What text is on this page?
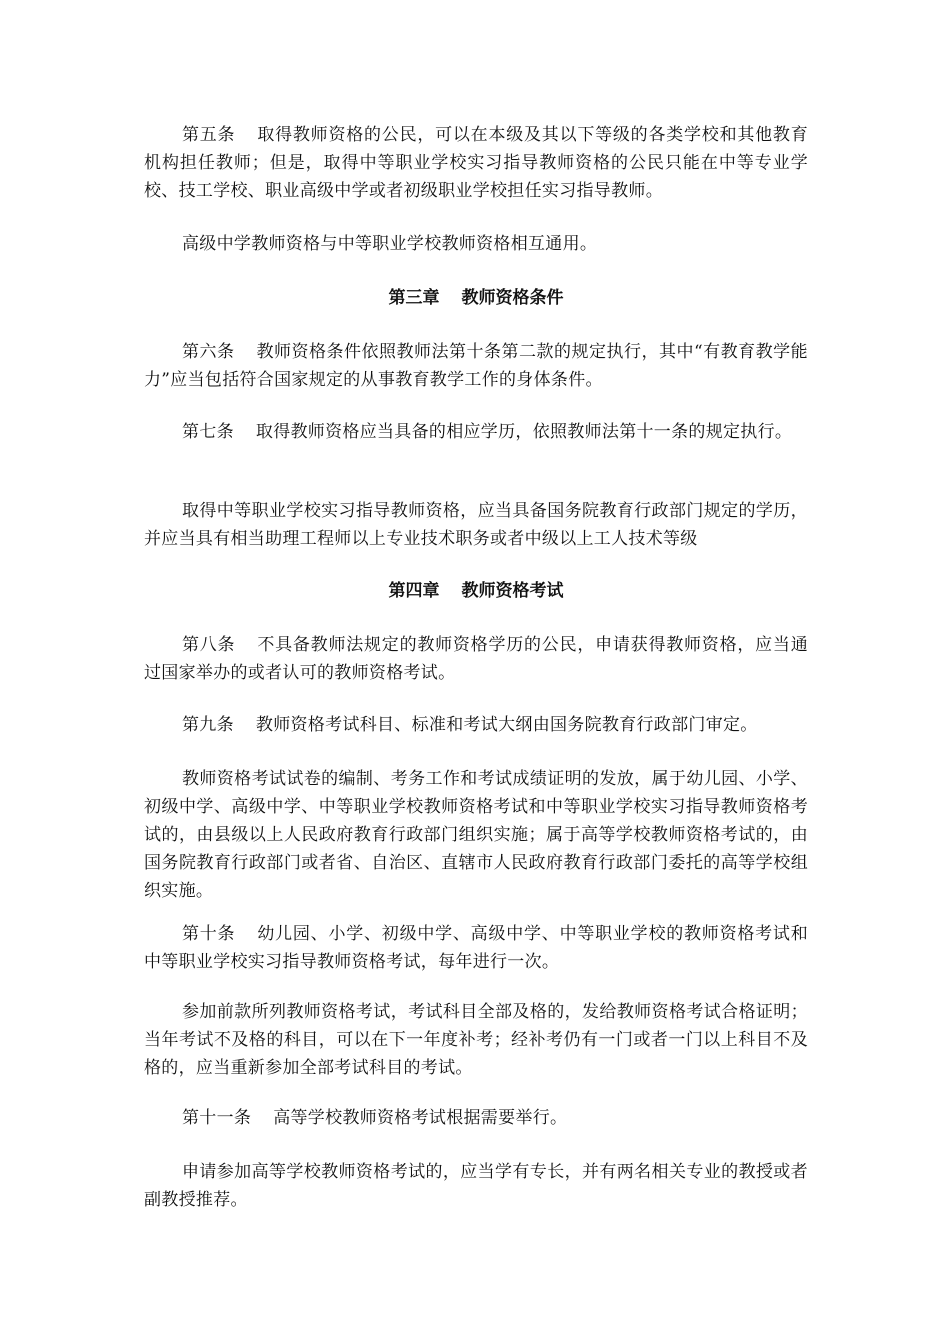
第五条 取得教师资格的公民，可以在本级及其以下等级的各类学校和其他教育机构担任教师；但是，取得中等职业学校实习指导教师资格的公民只能在中等专业学校、技工学校、职业高级中学或者初级职业学校担任实习指导教师。

高级中学教师资格与中等职业学校教师资格相互通用。

第三章 教师资格条件

第六条 教师资格条件依照教师法第十条第二款的规定执行，其中“有教育教学能力”应当包括符合国家规定的从事教育教学工作的身体条件。

第七条 取得教师资格应当具备的相应学历，依照教师法第十一条的规定执行。

取得中等职业学校实习指导教师资格，应当具备国务院教育行政部门规定的学历，并应当具有相当助理工程师以上专业技术职务或者中级以上工人技术等级

第四章 教师资格考试

第八条 不具备教师法规定的教师资格学历的公民，申请获得教师资格，应当通过国家举办的或者认可的教师资格考试。

第九条 教师资格考试科目、标准和考试大纲由国务院教育行政部门审定。

教师资格考试试卷的编制、考务工作和考试成绩证明的发放，属于幼儿园、小学、初级中学、高级中学、中等职业学校教师资格考试和中等职业学校实习指导教师资格考试的，由县级以上人民政府教育行政部门组织实施；属于高等学校教师资格考试的，由国务院教育行政部门或者省、自治区、直辖市人民政府教育行政部门委托的高等学校组织实施。

第十条 幼儿园、小学、初级中学、高级中学、中等职业学校的教师资格考试和中等职业学校实习指导教师资格考试，每年进行一次。

参加前款所列教师资格考试，考试科目全部及格的，发给教师资格考试合格证明；当年考试不及格的科目，可以在下一年度补考；经补考仍有一门或者一门以上科目不及格的，应当重新参加全部考试科目的考试。

第十一条 高等学校教师资格考试根据需要举行。

申请参加高等学校教师资格考试的，应当学有专长，并有两名相关专业的教授或者副教授推荐。
